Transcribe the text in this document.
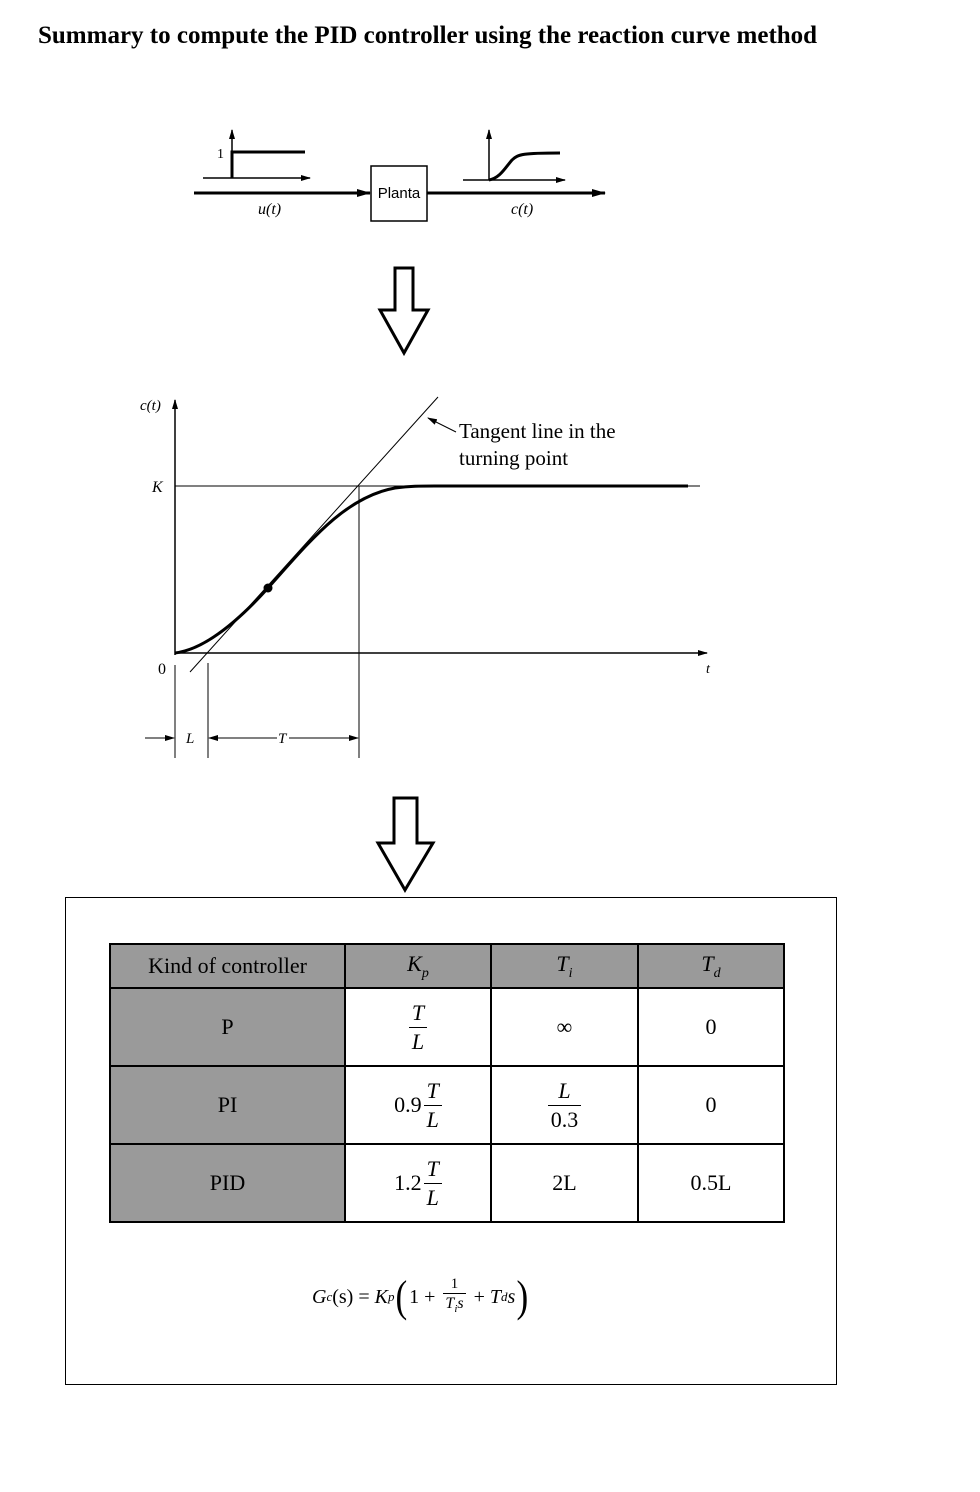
Summary to compute the PID controller using the reaction curve method
1
u(t)
Planta
c(t)
c(t)
t
K
0
L	T
Tangent line in the
turning point
Kind of controller	$K_p$	$T_i$	$T_d$
P	$\frac{T}{L}$	∞	0
PI	$0.9 \frac{T}{L}$	$\frac{L}{0.3}$	0
PID	$1.2 \frac{T}{L}$	2L	0.5L
G c (s) = K p ( 1 +
1
$T_is + T$ d s )
